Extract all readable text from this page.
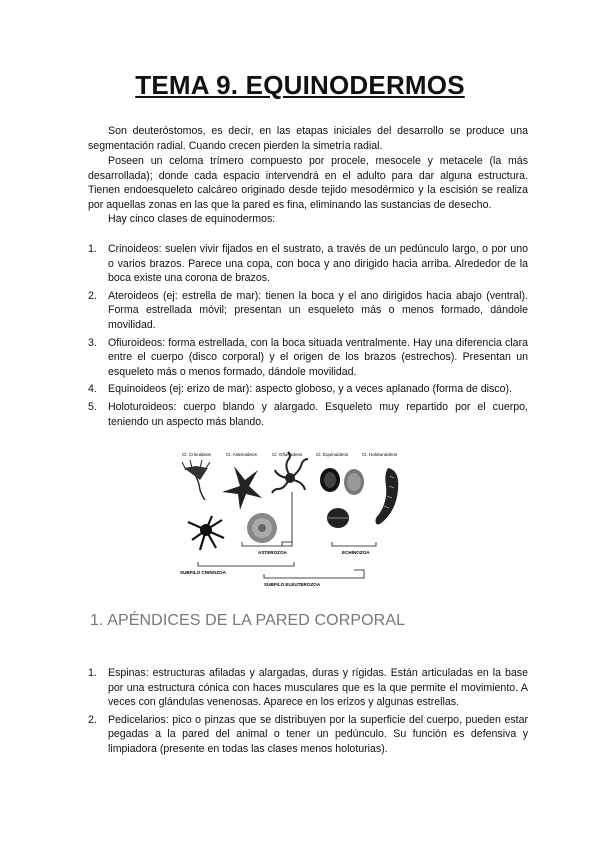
TEMA 9. EQUINODERMOS

Son deuteróstomos, es decir, en las etapas iniciales del desarrollo se produce una segmentación radial. Cuando crecen pierden la simetría radial.

Poseen un celoma trímero compuesto por procele, mesocele y metacele (la más desarrollada); donde cada espacio intervendrá en el adulto para dar alguna estructura. Tienen endoesqueleto calcáreo originado desde tejido mesodérmico y la escisión se realiza por aquellas zonas en las que la pared es fina, eliminando las sustancias de desecho.

Hay cinco clases de equinodermos:

1. Crinoideos: suelen vivir fijados en el sustrato, a través de un pedúnculo largo, o por uno o varios brazos. Parece una copa, con boca y ano dirigido hacia arriba. Alrededor de la boca existe una corona de brazos.
2. Ateroideos (ej: estrella de mar): tienen la boca y el ano dirigidos hacia abajo (ventral). Forma estrellada móvil; presentan un esqueleto más o menos formado, dándole movilidad.
3. Ofiuroideos: forma estrellada, con la boca situada ventralmente. Hay una diferencia clara entre el cuerpo (disco corporal) y el origen de los brazos (estrechos). Presentan un esqueleto más o menos formado, dándole movilidad.
4. Equinoideos (ej: erizo de mar): aspecto globoso, y a veces aplanado (forma de disco).
5. Holoturoideos: cuerpo blando y alargado. Esqueleto muy repartido por el cuerpo, teniendo un aspecto más blando.
Cl. Crinoideos	Cl. Asteroideos	Cl. Ofiuroideos	Cl. Equinoideos	Cl. Holoturoideos
ASTEROZOA	ECHINOZOA
SUBFILO CRINOZOA
SUBFILO ELEUTEROZOA
1. APÉNDICES DE LA PARED CORPORAL
1. Espinas: estructuras afiladas y alargadas, duras y rígidas. Están articuladas en la base por una estructura cónica con haces musculares que es la que permite el movimiento. A veces con glándulas venenosas. Aparece en los erizos y algunas estrellas.
2. Pedicelarios: pico o pinzas que se distribuyen por la superficie del cuerpo, pueden estar pegadas a la pared del animal o tener un pedúnculo. Su función es defensiva y limpiadora (presente en todas las clases menos holoturias).
